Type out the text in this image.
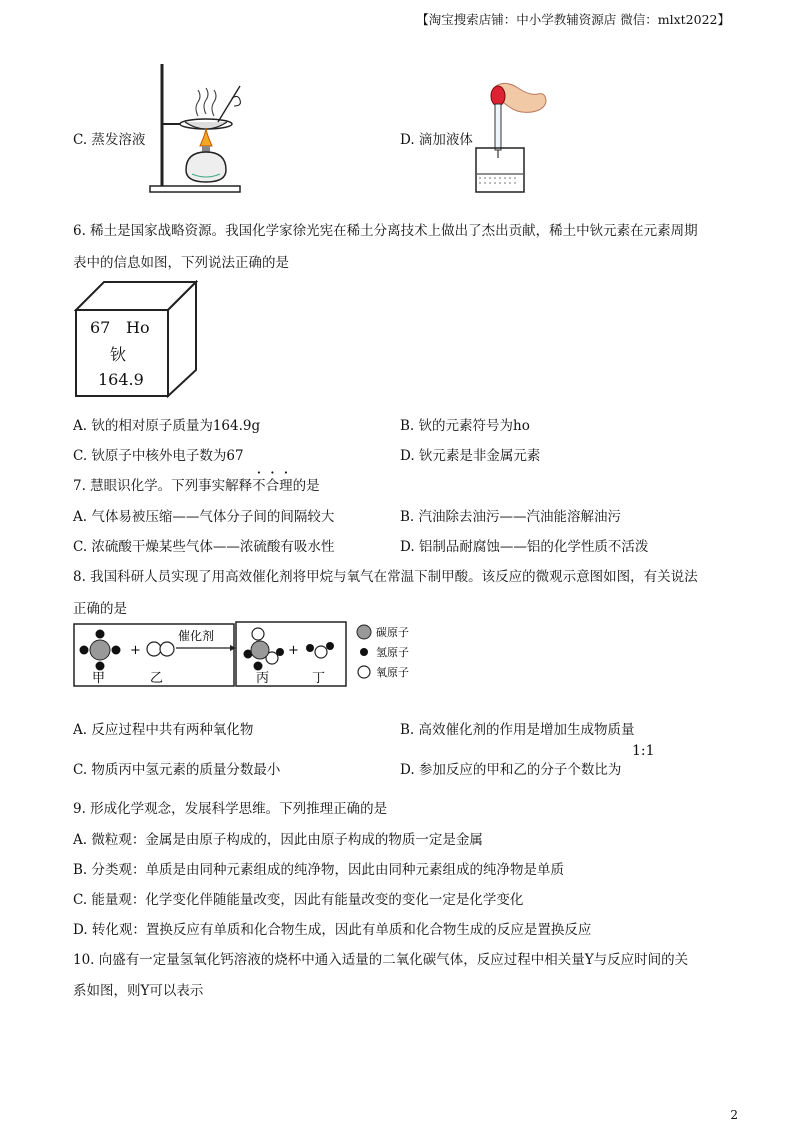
【淘宝搜索店铺：中小学教辅资源店 微信：mlxt2022】
C. 蒸发溶液	D. 滴加液体
6. 稀土是国家战略资源。我国化学家徐光宪在稀土分离技术上做出了杰出贡献，稀土中钬元素在元素周期
表中的信息如图，下列说法正确的是
67 Ho
钬
164.9
A. 钬的相对原子质量为164.9g	B. 钬的元素符号为ho
C. 钬原子中核外电子数为67	D. 钬元素是非金属元素
7. 慧眼识化学。下列事实解释不合理的是
A. 气体易被压缩——气体分子间的间隔较大	B. 汽油除去油污——汽油能溶解油污
C. 浓硫酸干燥某些气体——浓硫酸有吸水性	D. 铝制品耐腐蚀——铝的化学性质不活泼
8. 我国科研人员实现了用高效催化剂将甲烷与氧气在常温下制甲酸。该反应的微观示意图如图，有关说法
正确的是
+
甲	乙
催化剂
+
丙	丁
碳原子
氢原子
氧原子
A. 反应过程中共有两种氧化物	B. 高效催化剂的作用是增加生成物质量
C. 物质丙中氢元素的质量分数最小	D. 参加反应的甲和乙的分子个数比为
1:1
9. 形成化学观念，发展科学思维。下列推理正确的是
A. 微粒观：金属是由原子构成的，因此由原子构成的物质一定是金属
B. 分类观：单质是由同种元素组成的纯净物，因此由同种元素组成的纯净物是单质
C. 能量观：化学变化伴随能量改变，因此有能量改变的变化一定是化学变化
D. 转化观：置换反应有单质和化合物生成，因此有单质和化合物生成的反应是置换反应
10. 向盛有一定量氢氧化钙溶液的烧杯中通入适量的二氧化碳气体，反应过程中相关量Y与反应时间的关
系如图，则Y可以表示
2
